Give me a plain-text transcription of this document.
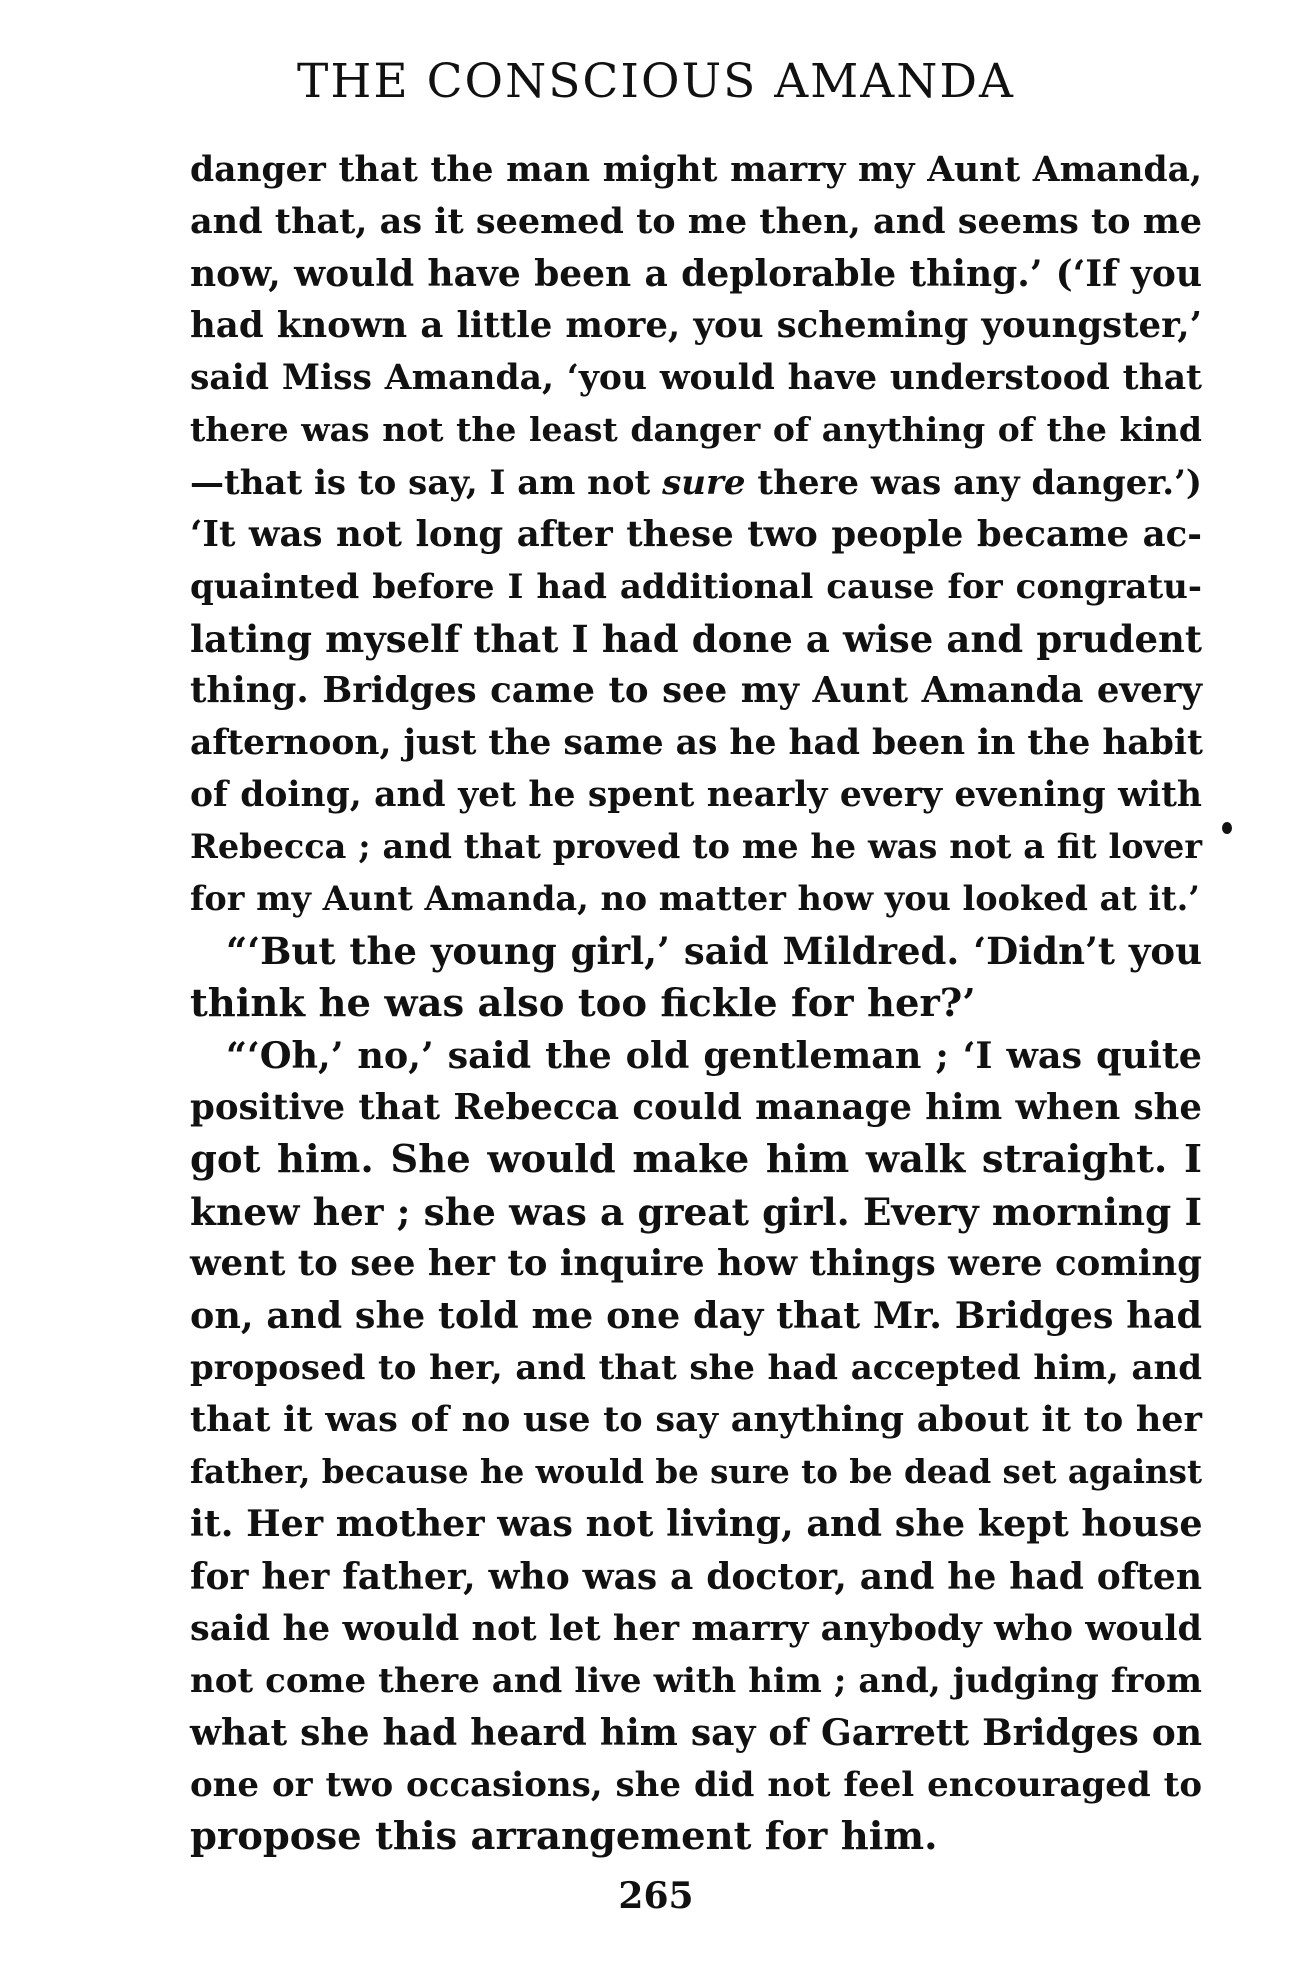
THE CONSCIOUS AMANDA
danger that the man might marry my Aunt Amanda,
and that, as it seemed to me then, and seems to me
now, would have been a deplorable thing.’ (‘If you
had known a little more, you scheming youngster,’
said Miss Amanda, ‘you would have understood that
there was not the least danger of anything of the kind
—that is to say, I am not sure there was any danger.’)
‘It was not long after these two people became ac-
quainted before I had additional cause for congratu-
lating myself that I had done a wise and prudent
thing. Bridges came to see my Aunt Amanda every
afternoon, just the same as he had been in the habit
of doing, and yet he spent nearly every evening with
Rebecca ; and that proved to me he was not a fit lover
for my Aunt Amanda, no matter how you looked at it.’
“‘But the young girl,’ said Mildred. ‘Didn’t you
think he was also too fickle for her?’
“‘Oh,’ no,’ said the old gentleman ; ‘I was quite
positive that Rebecca could manage him when she
got him. She would make him walk straight. I
knew her ; she was a great girl. Every morning I
went to see her to inquire how things were coming
on, and she told me one day that Mr. Bridges had
proposed to her, and that she had accepted him, and
that it was of no use to say anything about it to her
father, because he would be sure to be dead set against
it. Her mother was not living, and she kept house
for her father, who was a doctor, and he had often
said he would not let her marry anybody who would
not come there and live with him ; and, judging from
what she had heard him say of Garrett Bridges on
one or two occasions, she did not feel encouraged to
propose this arrangement for him.
265
